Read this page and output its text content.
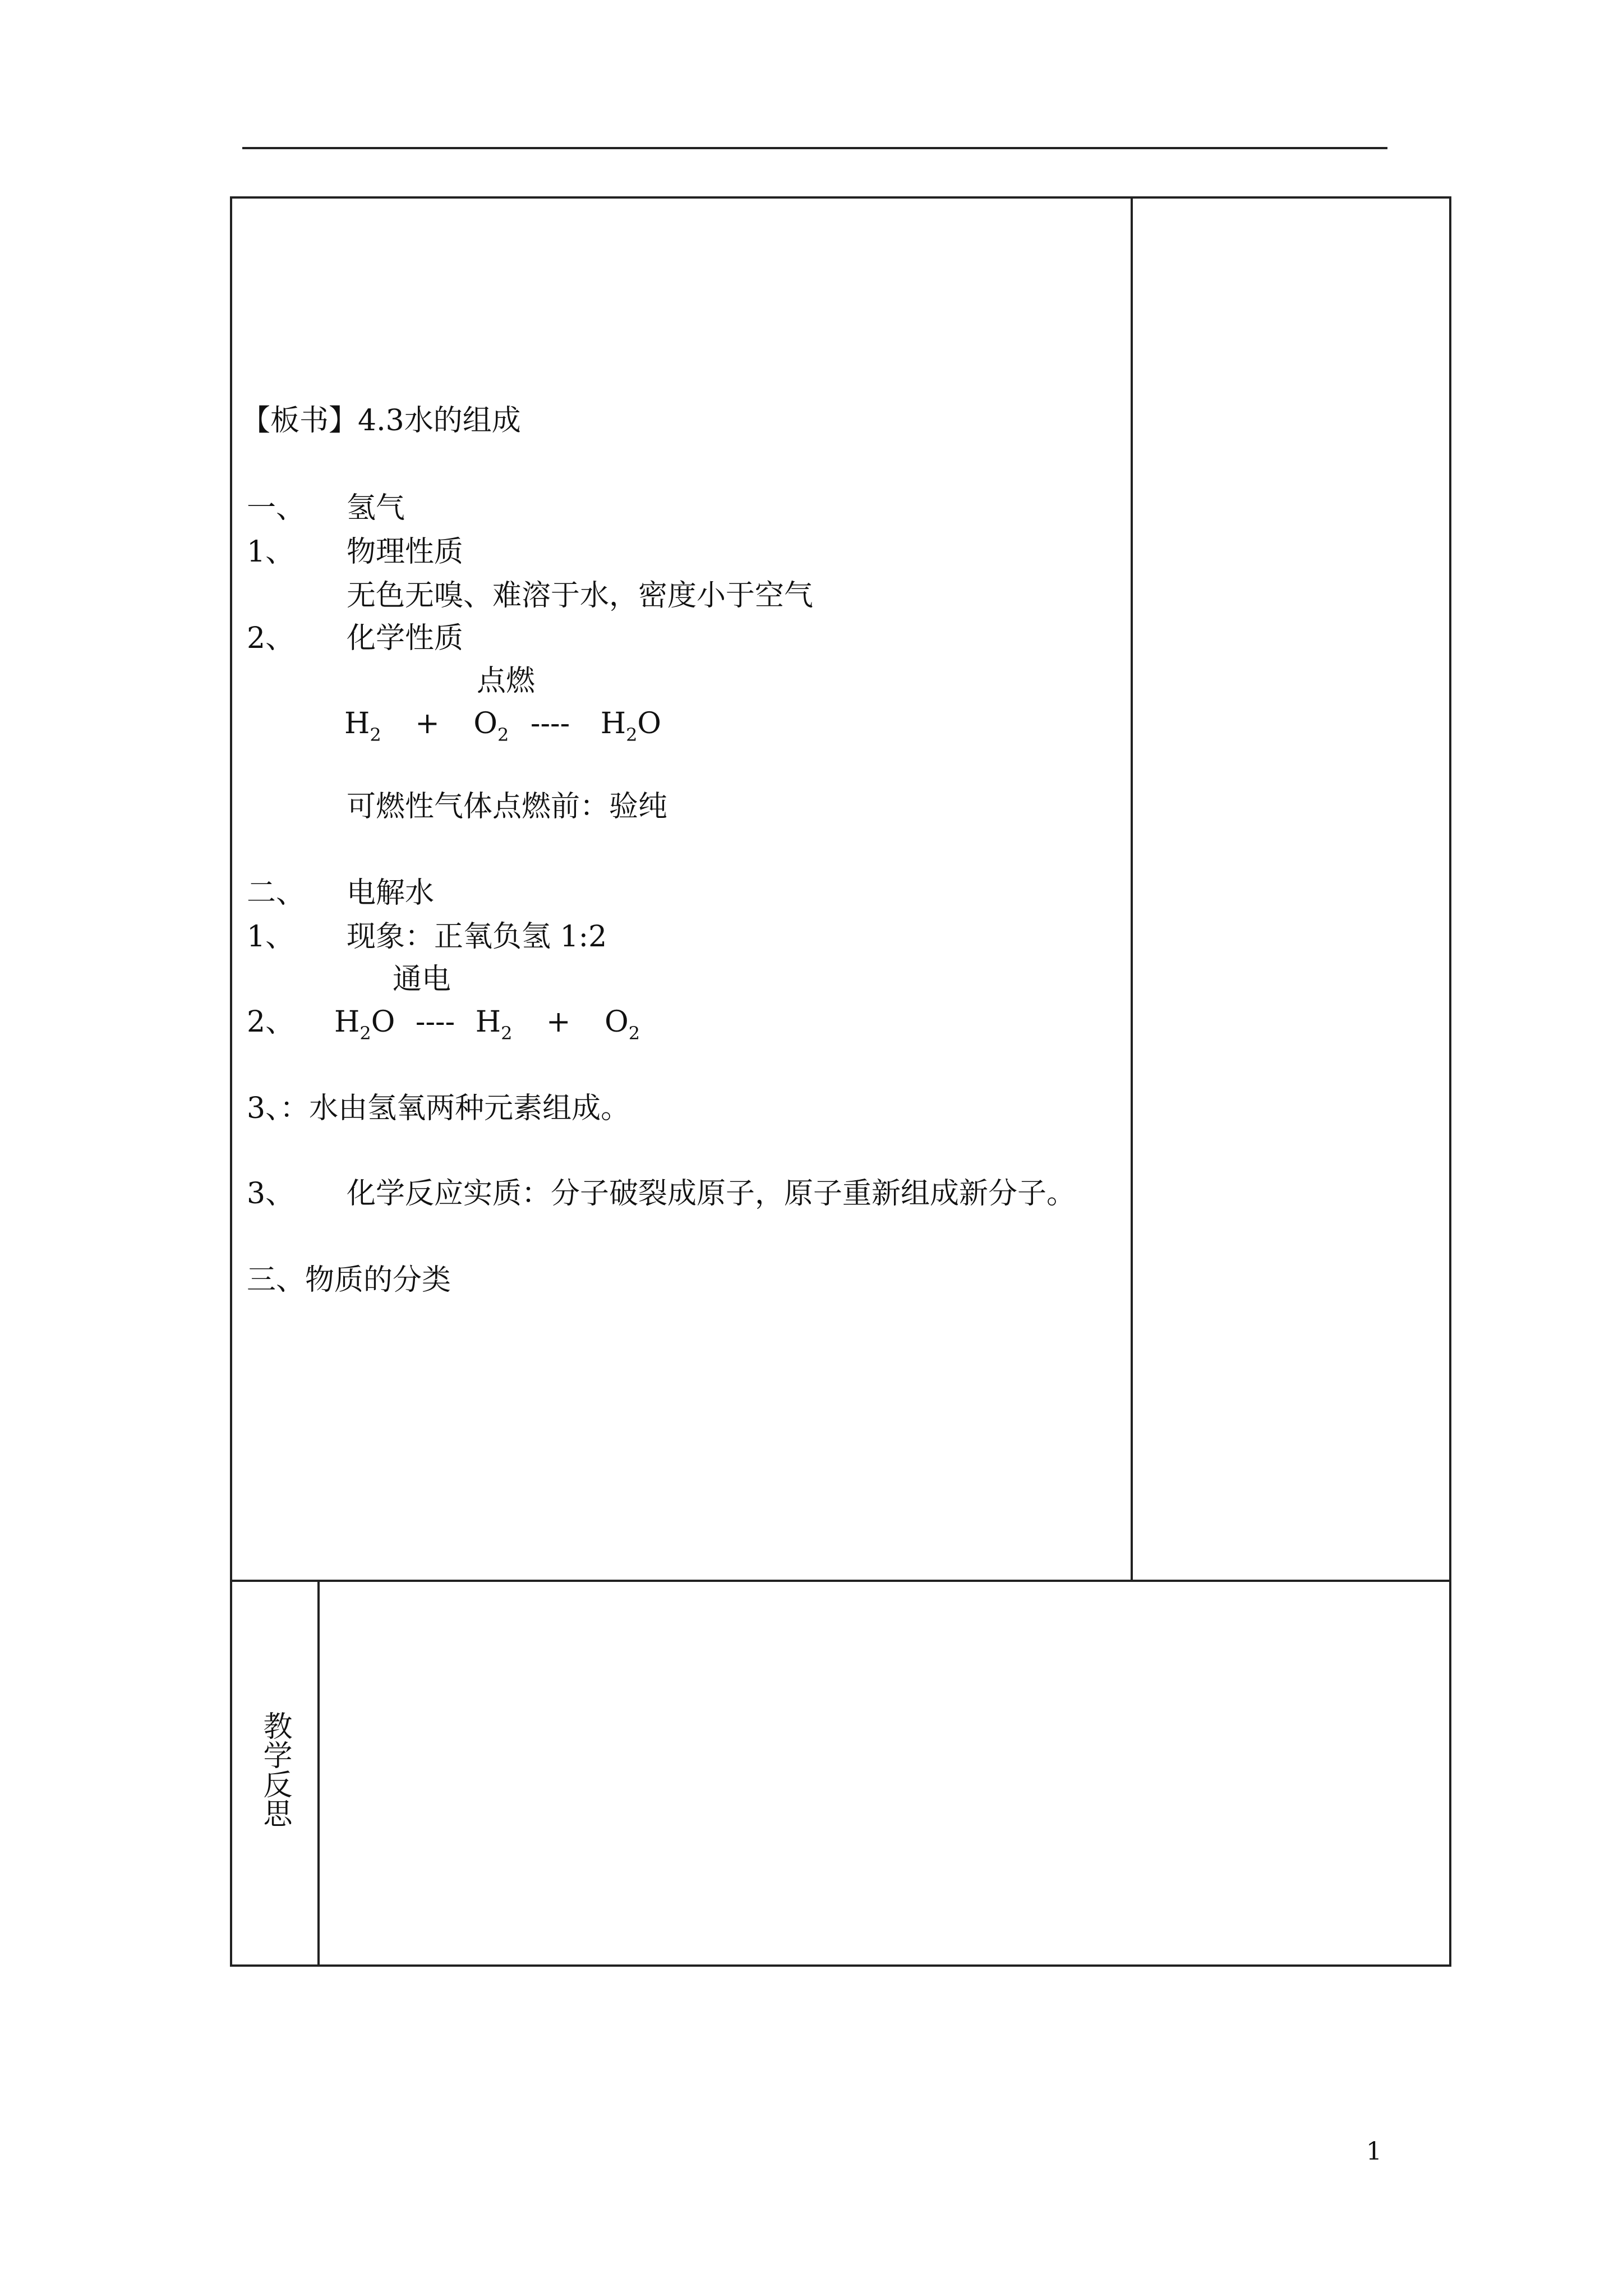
【板书】4.3水的组成
一、 氢气
1、 物理性质
无色无嗅、难溶于水，密度小于空气
2、 化学性质
点燃
$H_2 + O_2$ ---- $H_2O$
可燃性气体点燃前：验纯
二、 电解水
1、 现象：正氧负氢 1:2
通电
2、 $H_2O$ ---- $H_2 + O_2$
3、：水由氢氧两种元素组成。
3、 化学反应实质：分子破裂成原子，原子重新组成新分子。
三、物质的分类
教学反思
1
